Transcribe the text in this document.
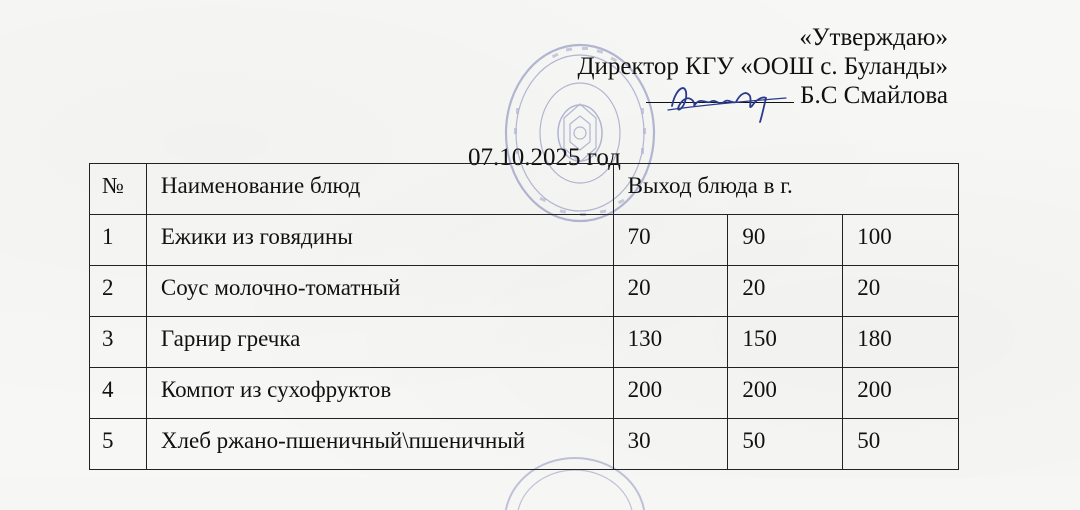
«Утверждаю»
Директор КГУ «ООШ с. Буланды»
Б.С Смайлова
07.10.2025 год
№	Наименование блюд	Выход блюда в г.		
1	Ежики из говядины	70	90	100
2	Соус молочно-томатный	20	20	20
3	Гарнир гречка	130	150	180
4	Компот из сухофруктов	200	200	200
5	Хлеб ржано-пшеничный\пшеничный	30	50	50
